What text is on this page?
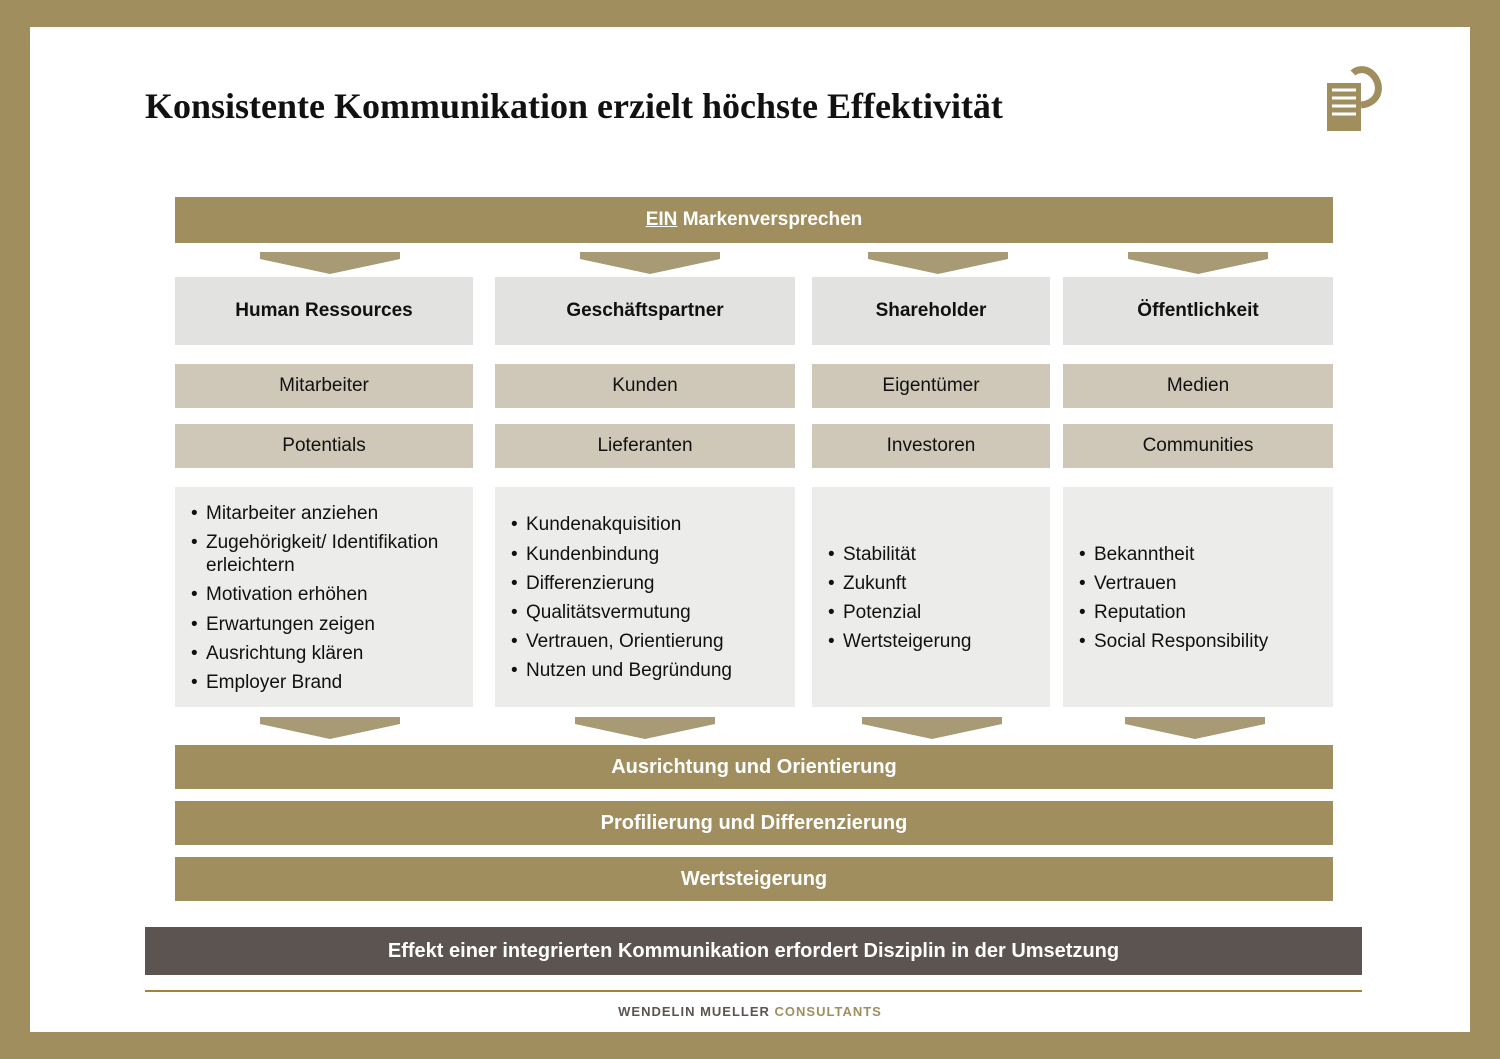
Konsistente Kommunikation erzielt höchste Effektivität
EIN Markenversprechen
Human Ressources
Mitarbeiter
Potentials
• Mitarbeiter anziehen
• Zugehörigkeit/ Identifikation erleichtern
• Motivation erhöhen
• Erwartungen zeigen
• Ausrichtung klären
• Employer Brand
Geschäftspartner
Kunden
Lieferanten
• Kundenakquisition
• Kundenbindung
• Differenzierung
• Qualitätsvermutung
• Vertrauen, Orientierung
• Nutzen und Begründung
Shareholder
Eigentümer
Investoren
• Stabilität
• Zukunft
• Potenzial
• Wertsteigerung
Öffentlichkeit
Medien
Communities
• Bekanntheit
• Vertrauen
• Reputation
• Social Responsibility
Ausrichtung und Orientierung
Profilierung und Differenzierung
Wertsteigerung
Effekt einer integrierten Kommunikation erfordert Disziplin in der Umsetzung
WENDELIN MUELLER CONSULTANTS
